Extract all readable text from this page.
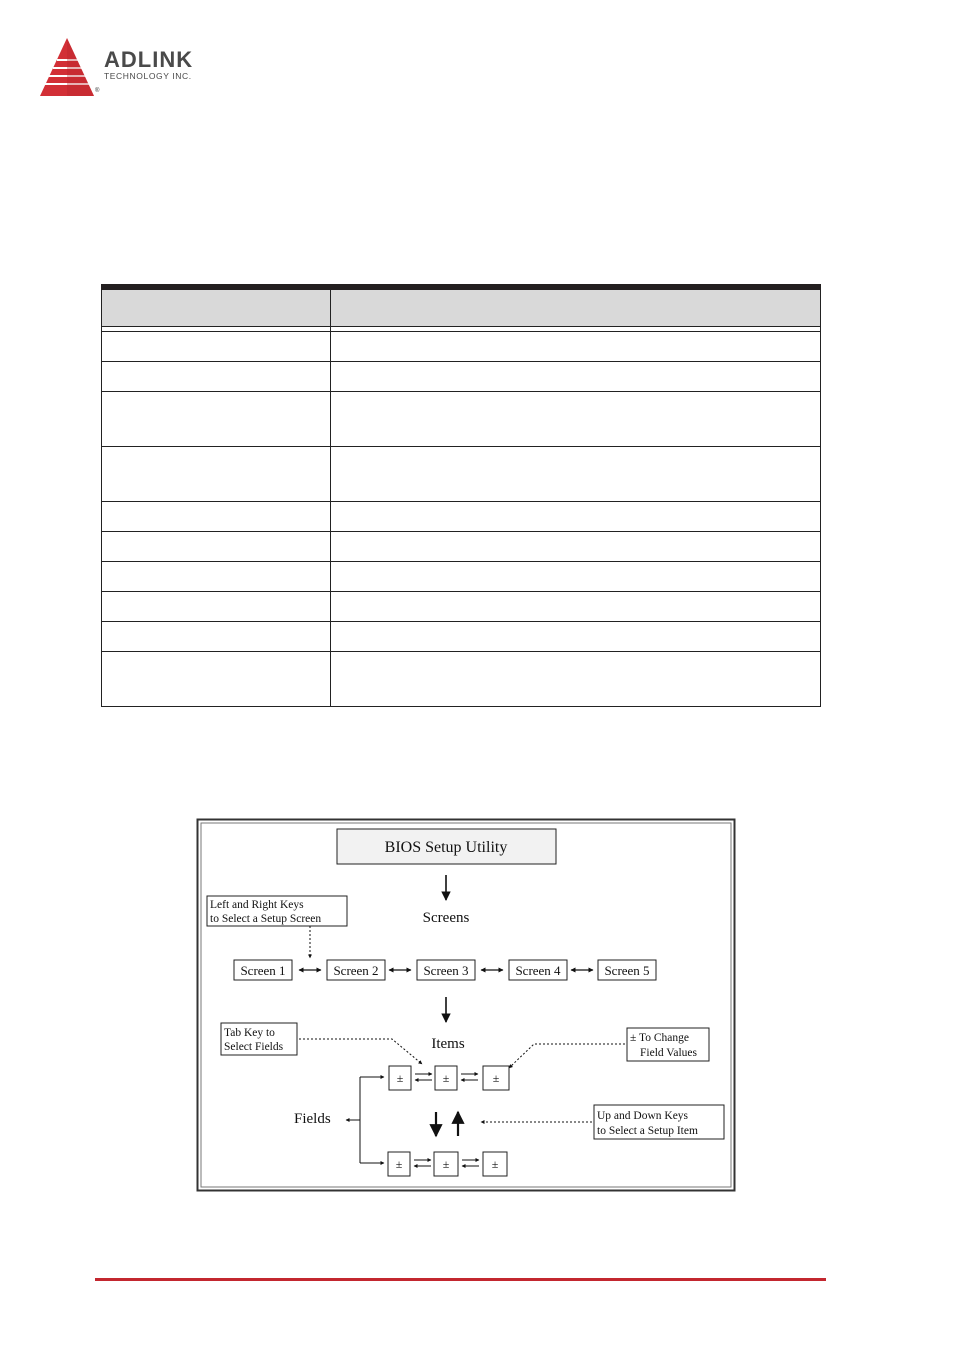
®
ADLINK
TECHNOLOGY INC.

BIOS Setup Utility
Screens
Left and Right Keys
to Select a Setup Screen
Screen 1	Screen 2	Screen 3	Screen 4	Screen 5
Items
Tab Key to
Select Fields
± To Change
Field Values
±	±	±
Up and Down Keys
to Select a Setup Item
Fields
±	±	±
